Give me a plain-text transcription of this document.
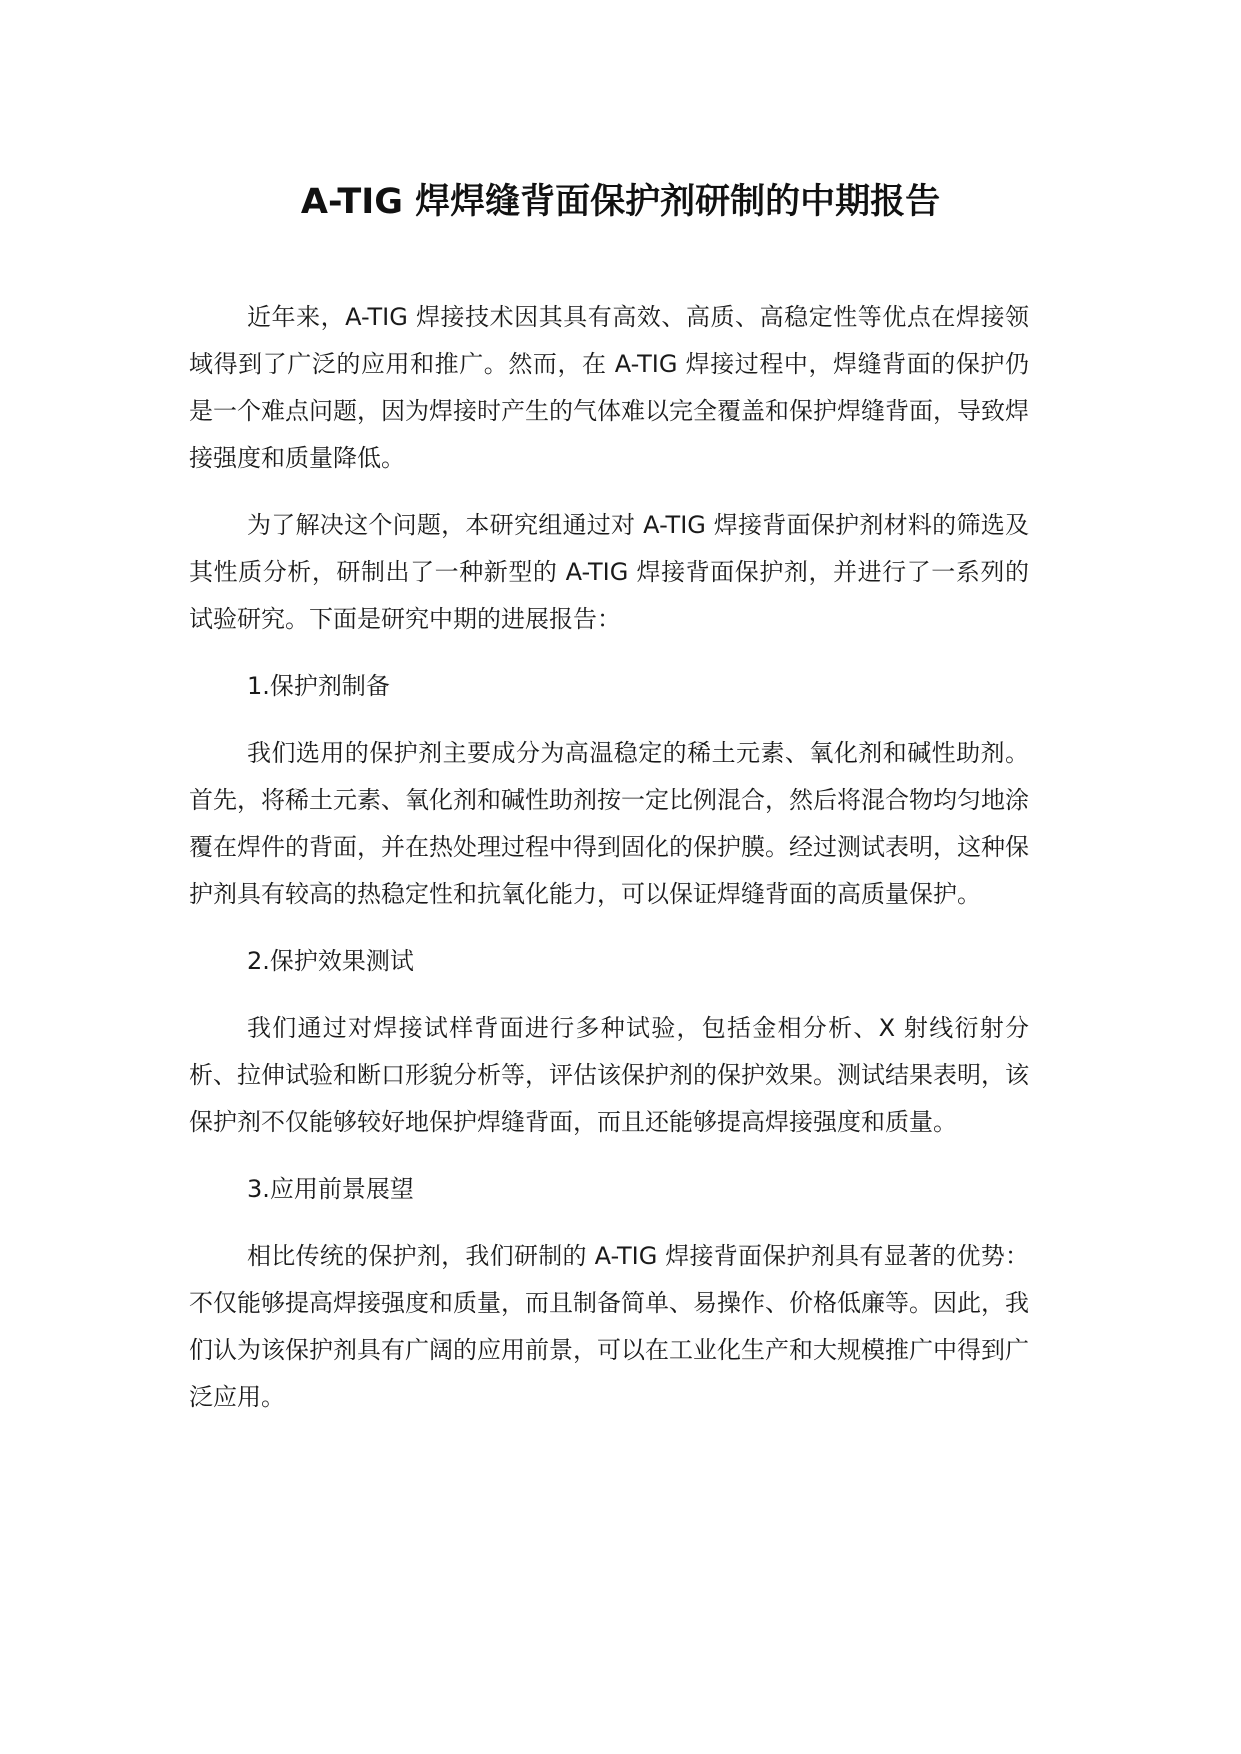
A-TIG 焊焊缝背面保护剂研制的中期报告

近年来，A-TIG 焊接技术因其具有高效、高质、高稳定性等优点在焊接领域得到了广泛的应用和推广。然而，在 A-TIG 焊接过程中，焊缝背面的保护仍是一个难点问题，因为焊接时产生的气体难以完全覆盖和保护焊缝背面，导致焊接强度和质量降低。

为了解决这个问题，本研究组通过对 A-TIG 焊接背面保护剂材料的筛选及其性质分析，研制出了一种新型的 A-TIG 焊接背面保护剂，并进行了一系列的试验研究。下面是研究中期的进展报告：

1.保护剂制备

我们选用的保护剂主要成分为高温稳定的稀土元素、氧化剂和碱性助剂。首先，将稀土元素、氧化剂和碱性助剂按一定比例混合，然后将混合物均匀地涂覆在焊件的背面，并在热处理过程中得到固化的保护膜。经过测试表明，这种保护剂具有较高的热稳定性和抗氧化能力，可以保证焊缝背面的高质量保护。

2.保护效果测试

我们通过对焊接试样背面进行多种试验，包括金相分析、X 射线衍射分析、拉伸试验和断口形貌分析等，评估该保护剂的保护效果。测试结果表明，该保护剂不仅能够较好地保护焊缝背面，而且还能够提高焊接强度和质量。

3.应用前景展望

相比传统的保护剂，我们研制的 A-TIG 焊接背面保护剂具有显著的优势：不仅能够提高焊接强度和质量，而且制备简单、易操作、价格低廉等。因此，我们认为该保护剂具有广阔的应用前景，可以在工业化生产和大规模推广中得到广泛应用。
